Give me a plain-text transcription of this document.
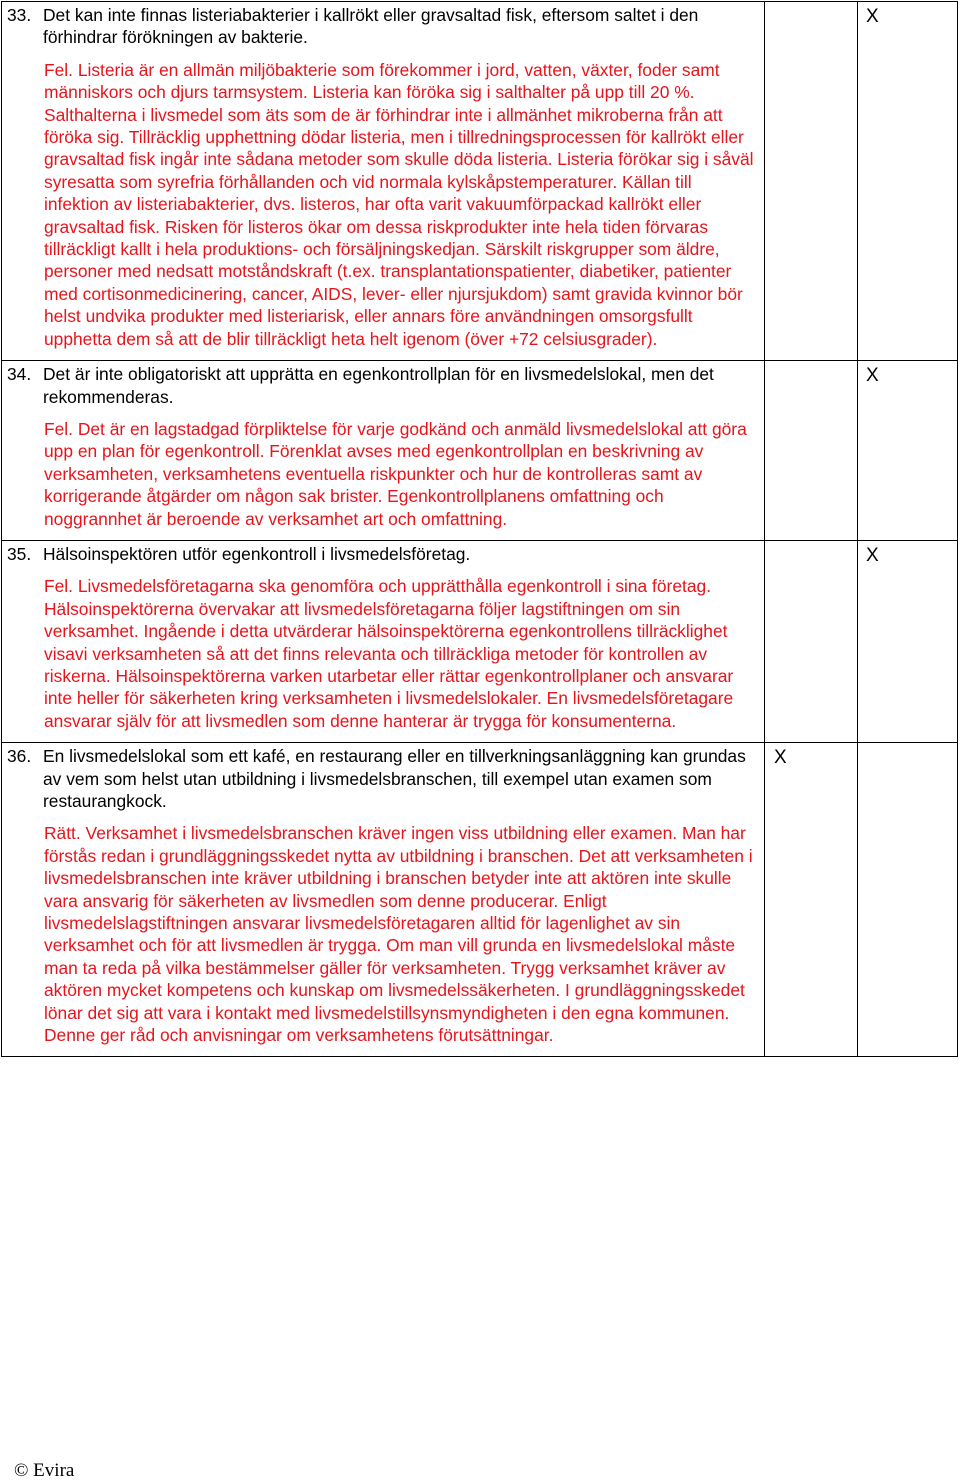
33. Det kan inte finnas listeriabakterier i kallrökt eller gravsaltad fisk, eftersom saltet i den förhindrar förökningen av bakterie.
Fel. Listeria är en allmän miljöbakterie som förekommer i jord, vatten, växter, foder samt människors och djurs tarmsystem. Listeria kan föröka sig i salthalter på upp till 20 %. Salthalterna i livsmedel som äts som de är förhindrar inte i allmänhet mikroberna från att föröka sig. Tillräcklig upphettning dödar listeria, men i tillredningsprocessen för kallrökt eller gravsaltad fisk ingår inte sådana metoder som skulle döda listeria. Listeria förökar sig i såväl syresatta som syrefria förhållanden och vid normala kylskåpstemperaturer. Källan till infektion av listeriabakterier, dvs. listeros, har ofta varit vakuumförpackad kallrökt eller gravsaltad fisk. Risken för listeros ökar om dessa riskprodukter inte hela tiden förvaras tillräckligt kallt i hela produktions- och försäljningskedjan. Särskilt riskgrupper som äldre, personer med nedsatt motståndskraft (t.ex. transplantationspatienter, diabetiker, patienter med cortisonmedicinering, cancer, AIDS, lever- eller njursjukdom) samt gravida kvinnor bör helst undvika produkter med listeriarisk, eller annars före användningen omsorgsfullt upphetta dem så att de blir tillräckligt heta helt igenom (över +72 celsiusgrader).		X

34. Det är inte obligatoriskt att upprätta en egenkontrollplan för en livsmedelslokal, men det rekommenderas.
Fel. Det är en lagstadgad förpliktelse för varje godkänd och anmäld livsmedelslokal att göra upp en plan för egenkontroll. Förenklat avses med egenkontrollplan en beskrivning av verksamheten, verksamhetens eventuella riskpunkter och hur de kontrolleras samt av korrigerande åtgärder om någon sak brister. Egenkontrollplanens omfattning och noggrannhet är beroende av verksamhet art och omfattning.		X

35. Hälsoinspektören utför egenkontroll i livsmedelsföretag.
Fel. Livsmedelsföretagarna ska genomföra och upprätthålla egenkontroll i sina företag. Hälsoinspektörerna övervakar att livsmedelsföretagarna följer lagstiftningen om sin verksamhet. Ingående i detta utvärderar hälsoinspektörerna egenkontrollens tillräcklighet visavi verksamheten så att det finns relevanta och tillräckliga metoder för kontrollen av riskerna. Hälsoinspektörerna varken utarbetar eller rättar egenkontrollplaner och ansvarar inte heller för säkerheten kring verksamheten i livsmedelslokaler. En livsmedelsföretagare ansvarar själv för att livsmedlen som denne hanterar är trygga för konsumenterna.		X

36. En livsmedelslokal som ett kafé, en restaurang eller en tillverkningsanläggning kan grundas av vem som helst utan utbildning i livsmedelsbranschen, till exempel utan examen som restaurangkock.
Rätt. Verksamhet i livsmedelsbranschen kräver ingen viss utbildning eller examen. Man har förstås redan i grundläggningsskedet nytta av utbildning i branschen. Det att verksamheten i livsmedelsbranschen inte kräver utbildning i branschen betyder inte att aktören inte skulle vara ansvarig för säkerheten av livsmedlen som denne producerar. Enligt livsmedelslagstiftningen ansvarar livsmedelsföretagaren alltid för lagenlighet av sin verksamhet och för att livsmedlen är trygga. Om man vill grunda en livsmedelslokal måste man ta reda på vilka bestämmelser gäller för verksamheten. Trygg verksamhet kräver av aktören mycket kompetens och kunskap om livsmedelssäkerheten. I grundläggningsskedet lönar det sig att vara i kontakt med livsmedelstillsynsmyndigheten i den egna kommunen. Denne ger råd och anvisningar om verksamhetens förutsättningar.	X	
© Evira
